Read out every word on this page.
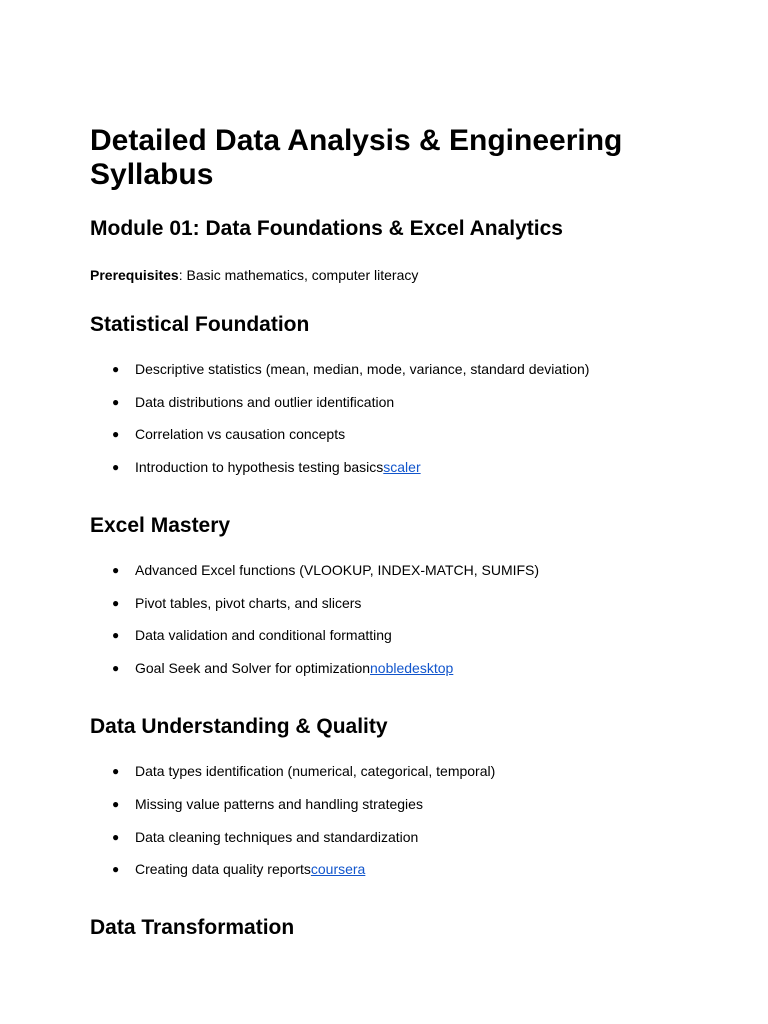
Detailed Data Analysis & Engineering Syllabus
Module 01: Data Foundations & Excel Analytics

Prerequisites: Basic mathematics, computer literacy

Statistical Foundation
● Descriptive statistics (mean, median, mode, variance, standard deviation)
● Data distributions and outlier identification
● Correlation vs causation concepts
● Introduction to hypothesis testing basicsscaler
Excel Mastery
● Advanced Excel functions (VLOOKUP, INDEX-MATCH, SUMIFS)
● Pivot tables, pivot charts, and slicers
● Data validation and conditional formatting
● Goal Seek and Solver for optimizationnobledesktop
Data Understanding & Quality
● Data types identification (numerical, categorical, temporal)
● Missing value patterns and handling strategies
● Data cleaning techniques and standardization
● Creating data quality reportscoursera
Data Transformation
